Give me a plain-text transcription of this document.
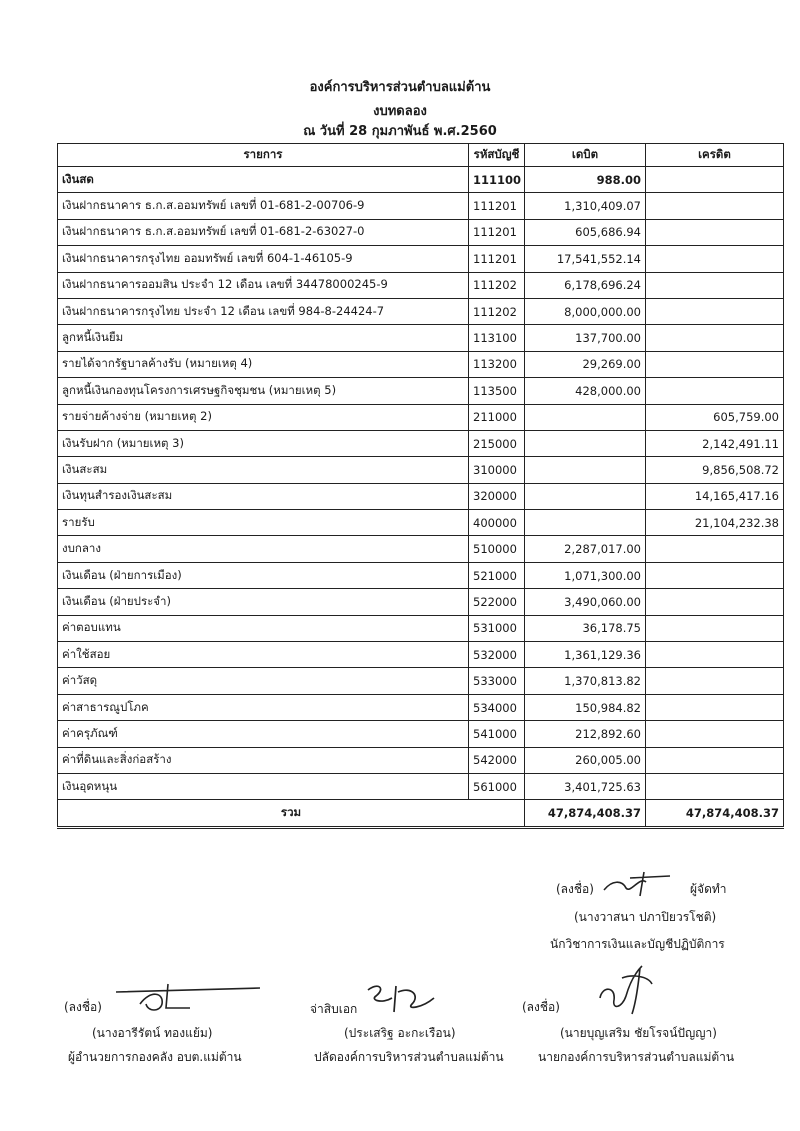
องค์การบริหารส่วนตำบลแม่ต้าน
งบทดลอง
ณ วันที่ 28 กุมภาพันธ์ พ.ศ.2560
รายการ	รหัสบัญชี	เดบิต	เครดิต
เงินสด	111100	988.00	
เงินฝากธนาคาร ธ.ก.ส.ออมทรัพย์ เลขที่ 01-681-2-00706-9	111201	1,310,409.07	
เงินฝากธนาคาร ธ.ก.ส.ออมทรัพย์ เลขที่ 01-681-2-63027-0	111201	605,686.94	
เงินฝากธนาคารกรุงไทย ออมทรัพย์ เลขที่ 604-1-46105-9	111201	17,541,552.14	
เงินฝากธนาคารออมสิน ประจำ 12 เดือน เลขที่ 34478000245-9	111202	6,178,696.24	
เงินฝากธนาคารกรุงไทย ประจำ 12 เดือน เลขที่ 984-8-24424-7	111202	8,000,000.00	
ลูกหนี้เงินยืม	113100	137,700.00	
รายได้จากรัฐบาลค้างรับ (หมายเหตุ 4)	113200	29,269.00	
ลูกหนี้เงินกองทุนโครงการเศรษฐกิจชุมชน (หมายเหตุ 5)	113500	428,000.00	
รายจ่ายค้างจ่าย (หมายเหตุ 2)	211000		605,759.00
เงินรับฝาก (หมายเหตุ 3)	215000		2,142,491.11
เงินสะสม	310000		9,856,508.72
เงินทุนสำรองเงินสะสม	320000		14,165,417.16
รายรับ	400000		21,104,232.38
งบกลาง	510000	2,287,017.00	
เงินเดือน (ฝ่ายการเมือง)	521000	1,071,300.00	
เงินเดือน (ฝ่ายประจำ)	522000	3,490,060.00	
ค่าตอบแทน	531000	36,178.75	
ค่าใช้สอย	532000	1,361,129.36	
ค่าวัสดุ	533000	1,370,813.82	
ค่าสาธารณูปโภค	534000	150,984.82	
ค่าครุภัณฑ์	541000	212,892.60	
ค่าที่ดินและสิ่งก่อสร้าง	542000	260,005.00	
เงินอุดหนุน	561000	3,401,725.63	
รวม		47,874,408.37	47,874,408.37
(ลงชื่อ)	ผู้จัดทำ
(นางวาสนา ปภาปิยวรโชติ)
นักวิชาการเงินและบัญชีปฏิบัติการ
(ลงชื่อ)
(นางอารีรัตน์ ทองแย้ม)
ผู้อำนวยการกองคลัง อบต.แม่ต้าน
จ่าสิบเอก
(ประเสริฐ อะกะเรือน)
ปลัดองค์การบริหารส่วนตำบลแม่ต้าน
(ลงชื่อ)
(นายบุญเสริม ชัยโรจน์ปัญญา)
นายกองค์การบริหารส่วนตำบลแม่ต้าน
